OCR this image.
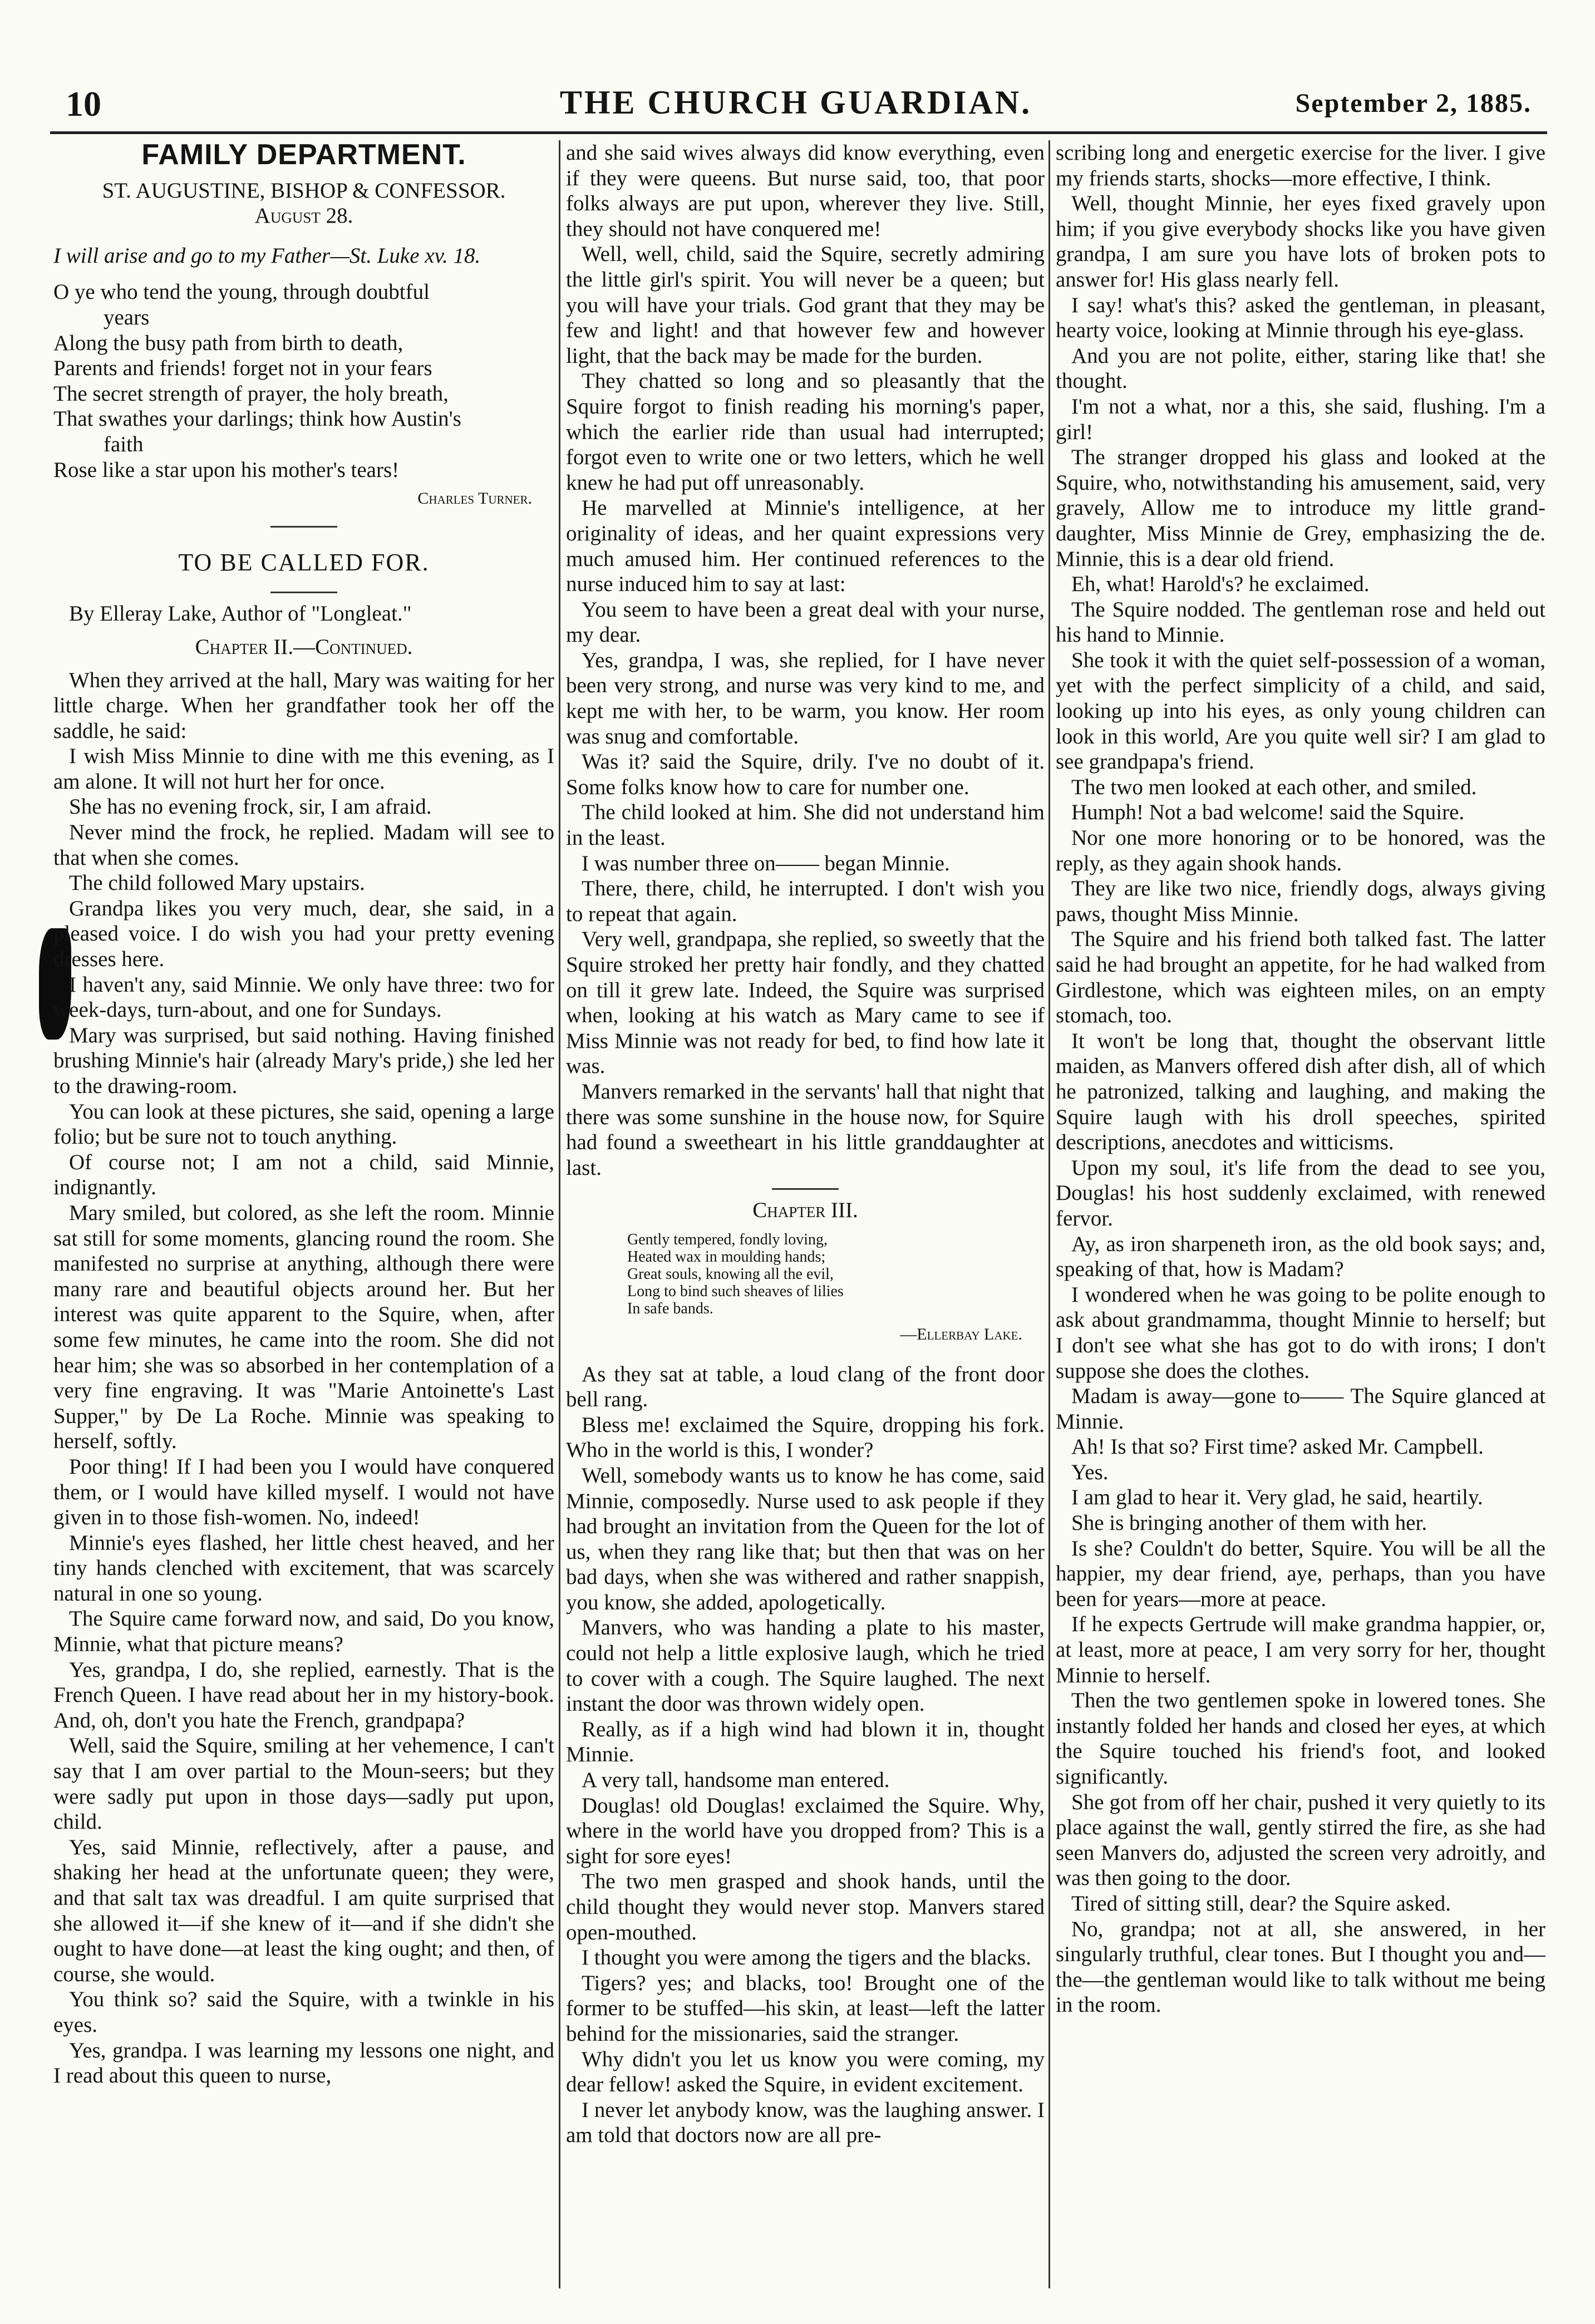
10	THE CHURCH GUARDIAN.	September 2, 1885.
FAMILY DEPARTMENT.

ST. AUGUSTINE, BISHOP & CONFESSOR.

August 28.

I will arise and go to my Father—St. Luke xv. 18.

O ye who tend the young, through doubtful
years
Along the busy path from birth to death,
Parents and friends! forget not in your fears
The secret strength of prayer, the holy breath,
That swathes your darlings; think how Austin's
faith
Rose like a star upon his mother's tears!

Charles Turner.

TO BE CALLED FOR.

By Elleray Lake, Author of "Longleat."

Chapter II.—Continued.

When they arrived at the hall, Mary was waiting for her little charge. When her grandfather took her off the saddle, he said:

I wish Miss Minnie to dine with me this evening, as I am alone. It will not hurt her for once.

She has no evening frock, sir, I am afraid.

Never mind the frock, he replied. Madam will see to that when she comes.

The child followed Mary upstairs.

Grandpa likes you very much, dear, she said, in a pleased voice. I do wish you had your pretty evening dresses here.

I haven't any, said Minnie. We only have three: two for week-days, turn-about, and one for Sundays.

Mary was surprised, but said nothing. Having finished brushing Minnie's hair (already Mary's pride,) she led her to the drawing-room.

You can look at these pictures, she said, opening a large folio; but be sure not to touch anything.

Of course not; I am not a child, said Minnie, indignantly.

Mary smiled, but colored, as she left the room. Minnie sat still for some moments, glancing round the room. She manifested no surprise at anything, although there were many rare and beautiful objects around her. But her interest was quite apparent to the Squire, when, after some few minutes, he came into the room. She did not hear him; she was so absorbed in her contemplation of a very fine engraving. It was "Marie Antoinette's Last Supper," by De La Roche. Minnie was speaking to herself, softly.

Poor thing! If I had been you I would have conquered them, or I would have killed myself. I would not have given in to those fish-women. No, indeed!

Minnie's eyes flashed, her little chest heaved, and her tiny hands clenched with excitement, that was scarcely natural in one so young.

The Squire came forward now, and said, Do you know, Minnie, what that picture means?

Yes, grandpa, I do, she replied, earnestly. That is the French Queen. I have read about her in my history-book. And, oh, don't you hate the French, grandpapa?

Well, said the Squire, smiling at her vehemence, I can't say that I am over partial to the Moun-seers; but they were sadly put upon in those days—sadly put upon, child.

Yes, said Minnie, reflectively, after a pause, and shaking her head at the unfortunate queen; they were, and that salt tax was dreadful. I am quite surprised that she allowed it—if she knew of it—and if she didn't she ought to have done—at least the king ought; and then, of course, she would.

You think so? said the Squire, with a twinkle in his eyes.

Yes, grandpa. I was learning my lessons one night, and I read about this queen to nurse,

and she said wives always did know everything, even if they were queens. But nurse said, too, that poor folks always are put upon, wherever they live. Still, they should not have conquered me!

Well, well, child, said the Squire, secretly admiring the little girl's spirit. You will never be a queen; but you will have your trials. God grant that they may be few and light! and that however few and however light, that the back may be made for the burden.

They chatted so long and so pleasantly that the Squire forgot to finish reading his morning's paper, which the earlier ride than usual had interrupted; forgot even to write one or two letters, which he well knew he had put off unreasonably.

He marvelled at Minnie's intelligence, at her originality of ideas, and her quaint expressions very much amused him. Her continued references to the nurse induced him to say at last:

You seem to have been a great deal with your nurse, my dear.

Yes, grandpa, I was, she replied, for I have never been very strong, and nurse was very kind to me, and kept me with her, to be warm, you know. Her room was snug and comfortable.

Was it? said the Squire, drily. I've no doubt of it. Some folks know how to care for number one.

The child looked at him. She did not understand him in the least.

I was number three on—— began Minnie.

There, there, child, he interrupted. I don't wish you to repeat that again.

Very well, grandpapa, she replied, so sweetly that the Squire stroked her pretty hair fondly, and they chatted on till it grew late. Indeed, the Squire was surprised when, looking at his watch as Mary came to see if Miss Minnie was not ready for bed, to find how late it was.

Manvers remarked in the servants' hall that night that there was some sunshine in the house now, for Squire had found a sweetheart in his little granddaughter at last.

Chapter III.

Gently tempered, fondly loving,
Heated wax in moulding hands;
Great souls, knowing all the evil,
Long to bind such sheaves of lilies
In safe bands.

—Ellerbay Lake.

As they sat at table, a loud clang of the front door bell rang.

Bless me! exclaimed the Squire, dropping his fork. Who in the world is this, I wonder?

Well, somebody wants us to know he has come, said Minnie, composedly. Nurse used to ask people if they had brought an invitation from the Queen for the lot of us, when they rang like that; but then that was on her bad days, when she was withered and rather snappish, you know, she added, apologetically.

Manvers, who was handing a plate to his master, could not help a little explosive laugh, which he tried to cover with a cough. The Squire laughed. The next instant the door was thrown widely open.

Really, as if a high wind had blown it in, thought Minnie.

A very tall, handsome man entered.

Douglas! old Douglas! exclaimed the Squire. Why, where in the world have you dropped from? This is a sight for sore eyes!

The two men grasped and shook hands, until the child thought they would never stop. Manvers stared open-mouthed.

I thought you were among the tigers and the blacks.

Tigers? yes; and blacks, too! Brought one of the former to be stuffed—his skin, at least—left the latter behind for the missionaries, said the stranger.

Why didn't you let us know you were coming, my dear fellow! asked the Squire, in evident excitement.

I never let anybody know, was the laughing answer. I am told that doctors now are all pre-

scribing long and energetic exercise for the liver. I give my friends starts, shocks—more effective, I think.

Well, thought Minnie, her eyes fixed gravely upon him; if you give everybody shocks like you have given grandpa, I am sure you have lots of broken pots to answer for! His glass nearly fell.

I say! what's this? asked the gentleman, in pleasant, hearty voice, looking at Minnie through his eye-glass.

And you are not polite, either, staring like that! she thought.

I'm not a what, nor a this, she said, flushing. I'm a girl!

The stranger dropped his glass and looked at the Squire, who, notwithstanding his amusement, said, very gravely, Allow me to introduce my little grand-daughter, Miss Minnie de Grey, emphasizing the de. Minnie, this is a dear old friend.

Eh, what! Harold's? he exclaimed.

The Squire nodded. The gentleman rose and held out his hand to Minnie.

She took it with the quiet self-possession of a woman, yet with the perfect simplicity of a child, and said, looking up into his eyes, as only young children can look in this world, Are you quite well sir? I am glad to see grandpapa's friend.

The two men looked at each other, and smiled.

Humph! Not a bad welcome! said the Squire.

Nor one more honoring or to be honored, was the reply, as they again shook hands.

They are like two nice, friendly dogs, always giving paws, thought Miss Minnie.

The Squire and his friend both talked fast. The latter said he had brought an appetite, for he had walked from Girdlestone, which was eighteen miles, on an empty stomach, too.

It won't be long that, thought the observant little maiden, as Manvers offered dish after dish, all of which he patronized, talking and laughing, and making the Squire laugh with his droll speeches, spirited descriptions, anecdotes and witticisms.

Upon my soul, it's life from the dead to see you, Douglas! his host suddenly exclaimed, with renewed fervor.

Ay, as iron sharpeneth iron, as the old book says; and, speaking of that, how is Madam?

I wondered when he was going to be polite enough to ask about grandmamma, thought Minnie to herself; but I don't see what she has got to do with irons; I don't suppose she does the clothes.

Madam is away—gone to—— The Squire glanced at Minnie.

Ah! Is that so? First time? asked Mr. Campbell.

Yes.

I am glad to hear it. Very glad, he said, heartily.

She is bringing another of them with her.

Is she? Couldn't do better, Squire. You will be all the happier, my dear friend, aye, perhaps, than you have been for years—more at peace.

If he expects Gertrude will make grandma happier, or, at least, more at peace, I am very sorry for her, thought Minnie to herself.

Then the two gentlemen spoke in lowered tones. She instantly folded her hands and closed her eyes, at which the Squire touched his friend's foot, and looked significantly.

She got from off her chair, pushed it very quietly to its place against the wall, gently stirred the fire, as she had seen Manvers do, adjusted the screen very adroitly, and was then going to the door.

Tired of sitting still, dear? the Squire asked.

No, grandpa; not at all, she answered, in her singularly truthful, clear tones. But I thought you and—the—the gentleman would like to talk without me being in the room.
